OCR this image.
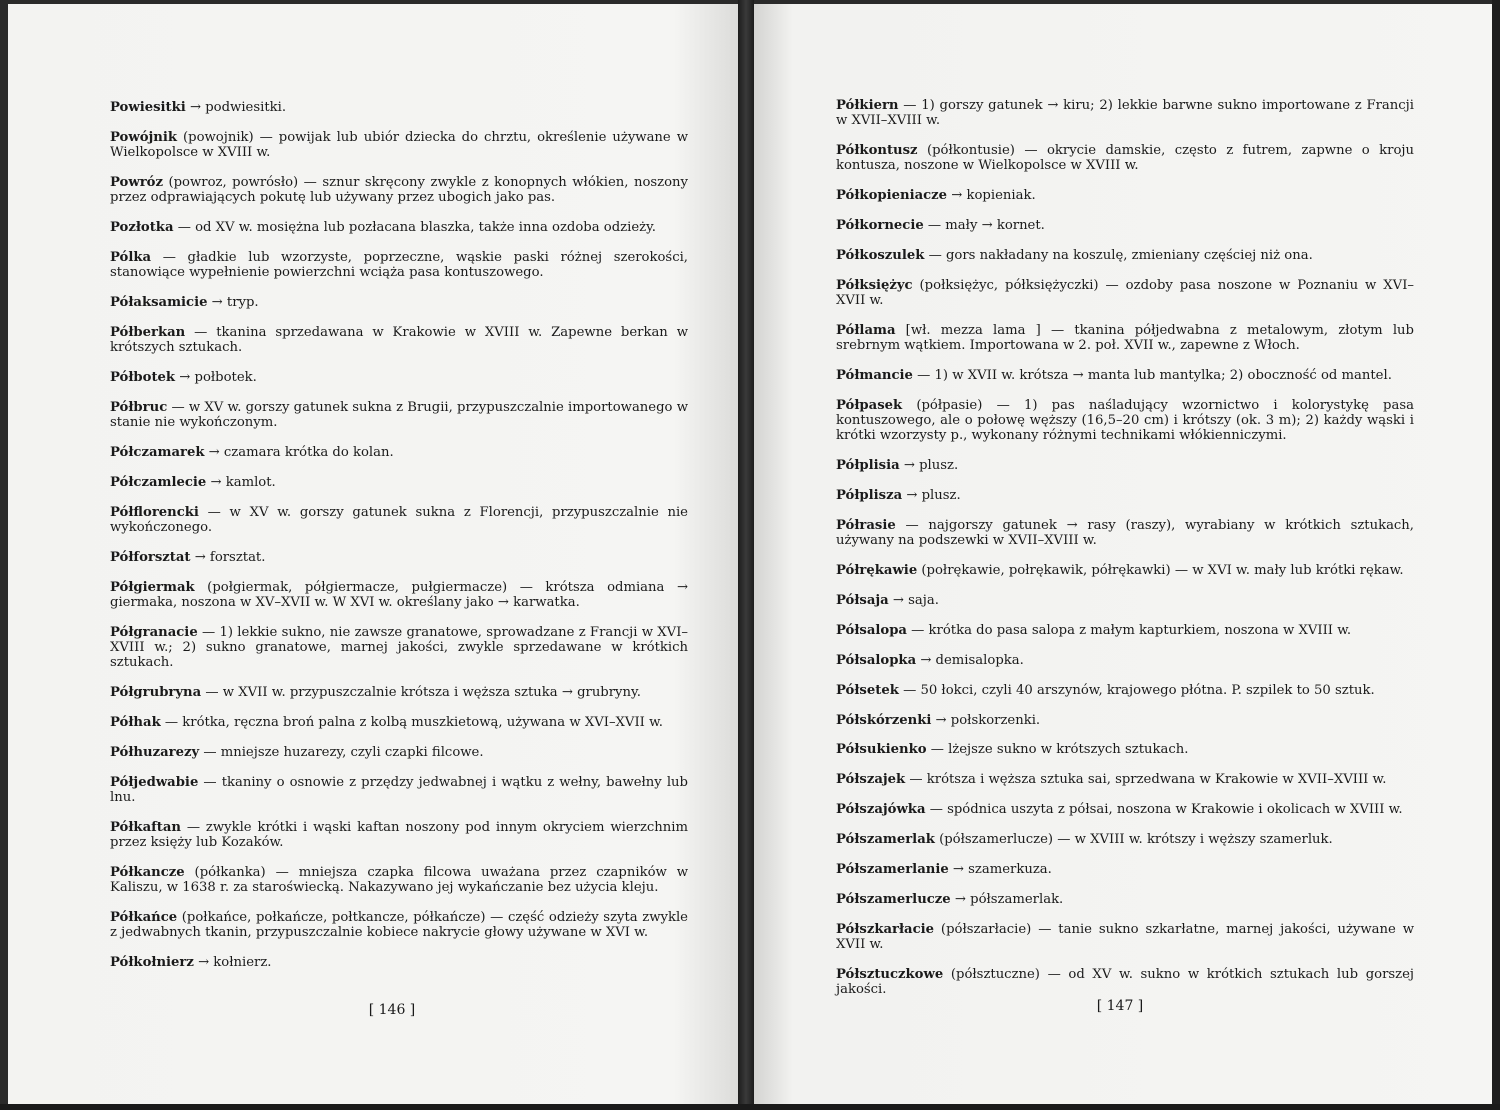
Powiesitki → podwiesitki.

Powójnik (powojnik) — powijak lub ubiór dziecka do chrztu, określenie używane w Wielkopolsce w XVIII w.

Powróz (powroz, powrósło) — sznur skręcony zwykle z konopnych włókien, noszony przez odprawiających pokutę lub używany przez ubogich jako pas.

Pozłotka — od XV w. mosiężna lub pozłacana blaszka, także inna ozdoba odzieży.

Pólka — gładkie lub wzorzyste, poprzeczne, wąskie paski różnej szerokości, stanowiące wypełnienie powierzchni wciąża pasa kontuszowego.

Półaksamicie → tryp.

Półberkan — tkanina sprzedawana w Krakowie w XVIII w. Zapewne berkan w krótszych sztukach.

Półbotek → połbotek.

Półbruc — w XV w. gorszy gatunek sukna z Brugii, przypuszczalnie importowanego w stanie nie wykończonym.

Półczamarek → czamara krótka do kolan.

Półczamlecie → kamlot.

Półflorencki — w XV w. gorszy gatunek sukna z Florencji, przypuszczalnie nie wykończonego.

Półforsztat → forsztat.

Półgiermak (połgiermak, półgiermacze, pułgiermacze) — krótsza odmiana → giermaka, noszona w XV–XVII w. W XVI w. określany jako → karwatka.

Półgranacie — 1) lekkie sukno, nie zawsze granatowe, sprowadzane z Francji w XVI–XVIII w.; 2) sukno granatowe, marnej jakości, zwykle sprzedawane w krótkich sztukach.

Półgrubryna — w XVII w. przypuszczalnie krótsza i węższa sztuka → grubryny.

Półhak — krótka, ręczna broń palna z kolbą muszkietową, używana w XVI–XVII w.

Półhuzarezy — mniejsze huzarezy, czyli czapki filcowe.

Półjedwabie — tkaniny o osnowie z przędzy jedwabnej i wątku z wełny, bawełny lub lnu.

Półkaftan — zwykle krótki i wąski kaftan noszony pod innym okryciem wierzchnim przez księży lub Kozaków.

Półkancze (półkanka) — mniejsza czapka filcowa uważana przez czapników w Kaliszu, w 1638 r. za staroświecką. Nakazywano jej wykańczanie bez użycia kleju.

Półkańce (połkańce, połkańcze, połtkancze, półkańcze) — część odzieży szyta zwykle z jedwabnych tkanin, przypuszczalnie kobiece nakrycie głowy używane w XVI w.

Półkołnierz → kołnierz.

[ 146 ]

Półkiern — 1) gorszy gatunek → kiru; 2) lekkie barwne sukno importowane z Francji w XVII–XVIII w.

Półkontusz (półkontusie) — okrycie damskie, często z futrem, zapwne o kroju kontusza, noszone w Wielkopolsce w XVIII w.

Półkopieniacze → kopieniak.

Półkornecie — mały → kornet.

Półkoszulek — gors nakładany na koszulę, zmieniany częściej niż ona.

Półksiężyc (połksiężyc, półksiężyczki) — ozdoby pasa noszone w Poznaniu w XVI–XVII w.

Półlama [wł. mezza lama ] — tkanina półjedwabna z metalowym, złotym lub srebrnym wątkiem. Importowana w 2. poł. XVII w., zapewne z Włoch.

Półmancie — 1) w XVII w. krótsza → manta lub mantylka; 2) oboczność od mantel.

Półpasek (półpasie) — 1) pas naśladujący wzornictwo i kolorystykę pasa kontuszowego, ale o połowę węższy (16,5–20 cm) i krótszy (ok. 3 m); 2) każdy wąski i krótki wzorzysty p., wykonany różnymi technikami włókienniczymi.

Półplisia → plusz.

Półplisza → plusz.

Półrasie — najgorszy gatunek → rasy (raszy), wyrabiany w krótkich sztukach, używany na podszewki w XVII–XVIII w.

Półrękawie (połrękawie, połrękawik, półrękawki) — w XVI w. mały lub krótki rękaw.

Półsaja → saja.

Półsalopa — krótka do pasa salopa z małym kapturkiem, noszona w XVIII w.

Półsalopka → demisalopka.

Półsetek — 50 łokci, czyli 40 arszynów, krajowego płótna. P. szpilek to 50 sztuk.

Półskórzenki → połskorzenki.

Półsukienko — lżejsze sukno w krótszych sztukach.

Półszajek — krótsza i węższa sztuka sai, sprzedwana w Krakowie w XVII–XVIII w.

Półszajówka — spódnica uszyta z półsai, noszona w Krakowie i okolicach w XVIII w.

Półszamerlak (półszamerlucze) — w XVIII w. krótszy i węższy szamerluk.

Półszamerlanie → szamerkuza.

Półszamerlucze → półszamerlak.

Półszkarłacie (półszarłacie) — tanie sukno szkarłatne, marnej jakości, używane w XVII w.

Półsztuczkowe (półsztuczne) — od XV w. sukno w krótkich sztukach lub gorszej jakości.

[ 147 ]
